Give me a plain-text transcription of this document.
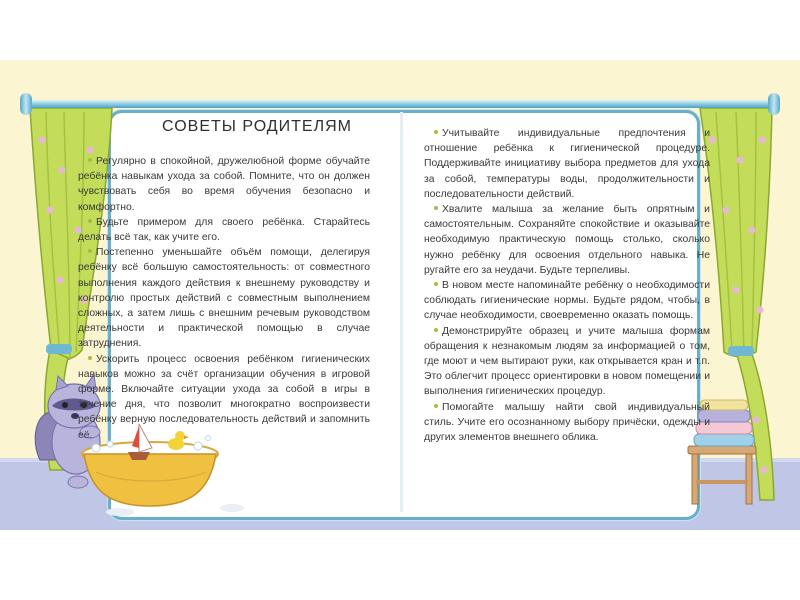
СОВЕТЫ РОДИТЕЛЯМ

Регулярно в спокойной, дружелюбной форме обучайте ребёнка навыкам ухода за собой. Помните, что он должен чувствовать себя во время обучения безопасно и комфортно.

Будьте примером для своего ребёнка. Старайтесь делать всё так, как учите его.

Постепенно уменьшайте объём помощи, делегируя ребёнку всё большую самостоятельность: от совместного выполнения каждого действия к внешнему руководству и контролю простых действий с совместным выполнением сложных, а затем лишь с внешним речевым руководством деятельности и практической помощью в случае затруднения.

Ускорить процесс освоения ребёнком гигиенических навыков можно за счёт организации обучения в игровой форме. Включайте ситуации ухода за собой в игры в течение дня, что позволит многократно воспроизвести ребёнку верную последовательность действий и запомнить её.

Учитывайте индивидуальные предпочтения и отношение ребёнка к гигиенической процедуре. Поддерживайте инициативу выбора предметов для ухода за собой, температуры воды, продолжительности и последовательности действий.

Хвалите малыша за желание быть опрятным и самостоятельным. Сохраняйте спокойствие и оказывайте необходимую практическую помощь столько, сколько нужно ребёнку для освоения отдельного навыка. Не ругайте его за неудачи. Будьте терпеливы.

В новом месте напоминайте ребёнку о необходимости соблюдать гигиенические нормы. Будьте рядом, чтобы, в случае необходимости, своевременно оказать помощь.

Демонстрируйте образец и учите малыша формам обращения к незнакомым людям за информацией о том, где моют и чем вытирают руки, как открывается кран и т.п. Это облегчит процесс ориентировки в новом помещении и выполнения гигиенических процедур.

Помогайте малышу найти свой индивидуальный стиль. Учите его осознанному выбору причёски, одежды и других элементов внешнего облика.
